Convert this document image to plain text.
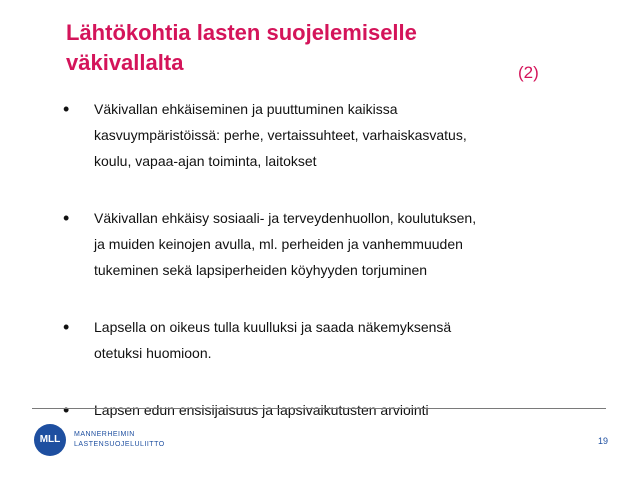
Lähtökohtia lasten suojelemiselle
väkivallalta	(2)
• Väkivallan ehkäiseminen ja puuttuminen kaikissa
kasvuympäristöissä: perhe, vertaissuhteet, varhaiskasvatus,
koulu, vapaa-ajan toiminta, laitokset
• Väkivallan ehkäisy sosiaali- ja terveydenhuollon, koulutuksen,
ja muiden keinojen avulla, ml. perheiden ja vanhemmuuden
tukeminen sekä lapsiperheiden köyhyyden torjuminen
• Lapsella on oikeus tulla kuulluksi ja saada näkemyksensä
otetuksi huomioon.
• Lapsen edun ensisijaisuus ja lapsivaikutusten arviointi
MLL	MANNERHEIMIN
LASTENSUOJELULIITTO	19
